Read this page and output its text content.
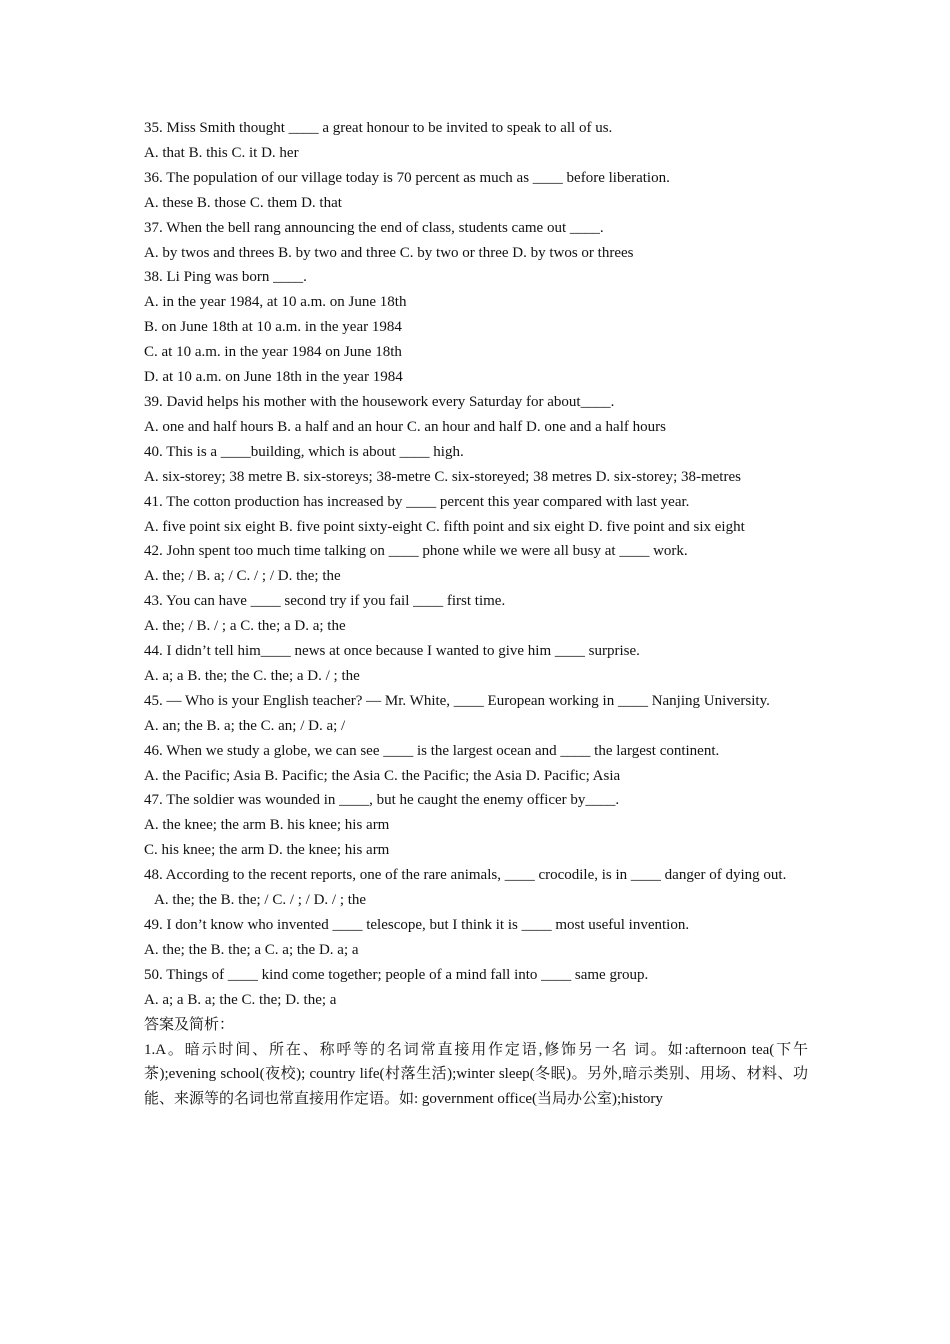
35. Miss Smith thought ____ a great honour to be invited to speak to all of us.

A. that B. this C. it D. her

36. The population of our village today is 70 percent as much as ____ before liberation.

A. these B. those C. them D. that

37. When the bell rang announcing the end of class, students came out ____.

A. by twos and threes B. by two and three C. by two or three D. by twos or threes

38. Li Ping was born ____.

A. in the year 1984, at 10 a.m. on June 18th

B. on June 18th at 10 a.m. in the year 1984

C. at 10 a.m. in the year 1984 on June 18th

D. at 10 a.m. on June 18th in the year 1984

39. David helps his mother with the housework every Saturday for about____.

A. one and half hours B. a half and an hour C. an hour and half D. one and a half hours

40. This is a ____building, which is about ____ high.

A. six-storey; 38 metre B. six-storeys; 38-metre C. six-storeyed; 38 metres D. six-storey; 38-metres

41. The cotton production has increased by ____ percent this year compared with last year.

A. five point six eight B. five point sixty-eight C. fifth point and six eight D. five point and six eight

42. John spent too much time talking on ____ phone while we were all busy at ____ work.

A. the; / B. a; / C. / ; / D. the; the

43. You can have ____ second try if you fail ____ first time.

A. the; / B. / ; a C. the; a D. a; the

44. I didn’t tell him____ news at once because I wanted to give him ____ surprise.

A. a; a B. the; the C. the; a D. / ; the

45. — Who is your English teacher? — Mr. White, ____ European working in ____ Nanjing University.

A. an; the B. a; the C. an; / D. a; /

46. When we study a globe, we can see ____ is the largest ocean and ____ the largest continent.

A. the Pacific; Asia B. Pacific; the Asia C. the Pacific; the Asia D. Pacific; Asia

47. The soldier was wounded in ____, but he caught the enemy officer by____.

A. the knee; the arm B. his knee; his arm

C. his knee; the arm D. the knee; his arm

48. According to the recent reports, one of the rare animals, ____ crocodile, is in ____ danger of dying out.

A. the; the B. the; / C. / ; / D. / ; the

49. I don’t know who invented ____ telescope, but I think it is ____ most useful invention.

A. the; the B. the; a C. a; the D. a; a

50. Things of ____ kind come together; people of a mind fall into ____ same group.

A. a; a B. a; the C. the; D. the; a

答案及简析：

1.A。暗示时间、所在、称呼等的名词常直接用作定语,修饰另一名 词。如:afternoon tea(下午茶);evening school(夜校); country life(村落生活);winter sleep(冬眠)。另外,暗示类别、用场、材料、功能、来源等的名词也常直接用作定语。如: government office(当局办公室);history
